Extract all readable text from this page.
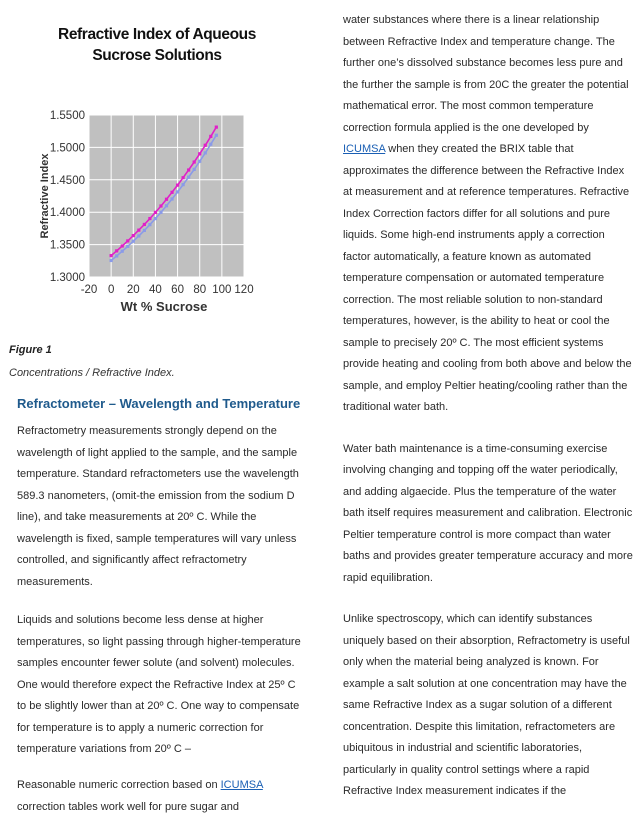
Refractive Index of Aqueous Sucrose Solutions
1.3000
1.3500
1.4000
1.4500
1.5000
1.5500
-20 0 20 40 60 80 100 120
Refractive Index
Wt % Sucrose
Figure 1
Concentrations / Refractive Index.
Refractometer – Wavelength and Temperature

Refractometry measurements strongly depend on the wavelength of light applied to the sample, and the sample temperature. Standard refractometers use the wavelength 589.3 nanometers, (omit-the emission from the sodium D line), and take measurements at 20º C. While the wavelength is fixed, sample temperatures will vary unless controlled, and significantly affect refractometry measurements.

Liquids and solutions become less dense at higher temperatures, so light passing through higher-temperature samples encounter fewer solute (and solvent) molecules. One would therefore expect the Refractive Index at 25º C to be slightly lower than at 20º C. One way to compensate for temperature is to apply a numeric correction for temperature variations from 20º C –

Reasonable numeric correction based on ICUMSA correction tables work well for pure sugar and

water substances where there is a linear relationship between Refractive Index and temperature change. The further one’s dissolved substance becomes less pure and the further the sample is from 20C the greater the potential mathematical error. The most common temperature correction formula applied is the one developed by ICUMSA when they created the BRIX table that approximates the difference between the Refractive Index at measurement and at reference temperatures. Refractive Index Correction factors differ for all solutions and pure liquids. Some high-end instruments apply a correction factor automatically, a feature known as automated temperature compensation or automated temperature correction. The most reliable solution to non-standard temperatures, however, is the ability to heat or cool the sample to precisely 20º C. The most efficient systems provide heating and cooling from both above and below the sample, and employ Peltier heating/cooling rather than the traditional water bath.

Water bath maintenance is a time-consuming exercise involving changing and topping off the water periodically, and adding algaecide. Plus the temperature of the water bath itself requires measurement and calibration. Electronic Peltier temperature control is more compact than water baths and provides greater temperature accuracy and more rapid equilibration.

Unlike spectroscopy, which can identify substances uniquely based on their absorption, Refractometry is useful only when the material being analyzed is known. For example a salt solution at one concentration may have the same Refractive Index as a sugar solution of a different concentration. Despite this limitation, refractometers are ubiquitous in industrial and scientific laboratories, particularly in quality control settings where a rapid Refractive Index measurement indicates if the
